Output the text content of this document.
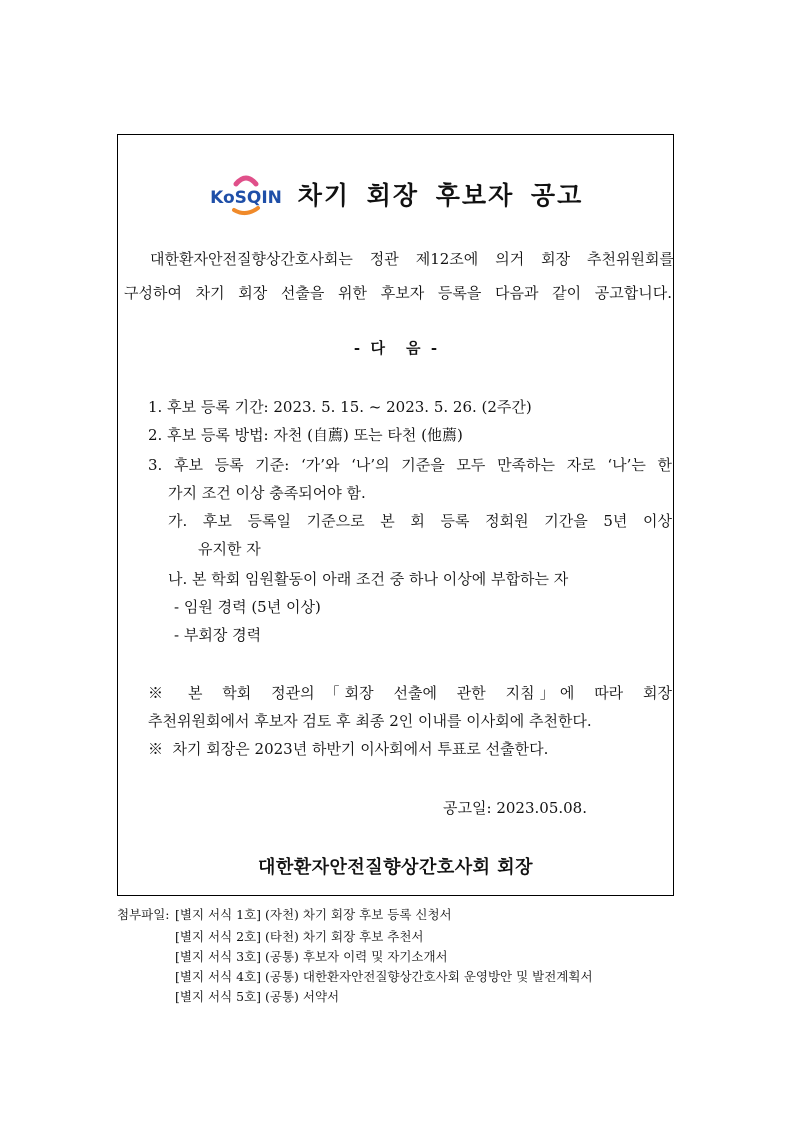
KoSQIN 차기 회장 후보자 공고
대한환자안전질향상간호사회는 정관 제12조에 의거 회장 추천위원회를
구성하여 차기 회장 선출을 위한 후보자 등록을 다음과 같이 공고합니다.
-  다    음  -
1. 후보 등록 기간: 2023. 5. 15. ~ 2023. 5. 26. (2주간)
2. 후보 등록 방법: 자천 (自薦) 또는 타천 (他薦)
3. 후보 등록 기준: ‘가’와 ‘나’의 기준을 모두 만족하는 자로 ‘나’는 한
가지 조건 이상 충족되어야 함.
가. 후보 등록일 기준으로 본 회 등록 정회원 기간을 5년 이상
유지한 자
나. 본 학회 임원활동이 아래 조건 중 하나 이상에 부합하는 자
- 임원 경력 (5년 이상)
- 부회장 경력
※  본  학회  정관의 「회장  선출에  관한  지침」에  따라  회장
추천위원회에서 후보자 검토 후 최종 2인 이내를 이사회에 추천한다.
※  차기 회장은 2023년 하반기 이사회에서 투표로 선출한다.
공고일: 2023.05.08.
대한환자안전질향상간호사회 회장
첨부파일: [별지 서식 1호] (자천) 차기 회장 후보 등록 신청서
[별지 서식 2호] (타천) 차기 회장 후보 추천서
[별지 서식 3호] (공통) 후보자 이력 및 자기소개서
[별지 서식 4호] (공통) 대한환자안전질향상간호사회 운영방안 및 발전계획서
[별지 서식 5호] (공통) 서약서
